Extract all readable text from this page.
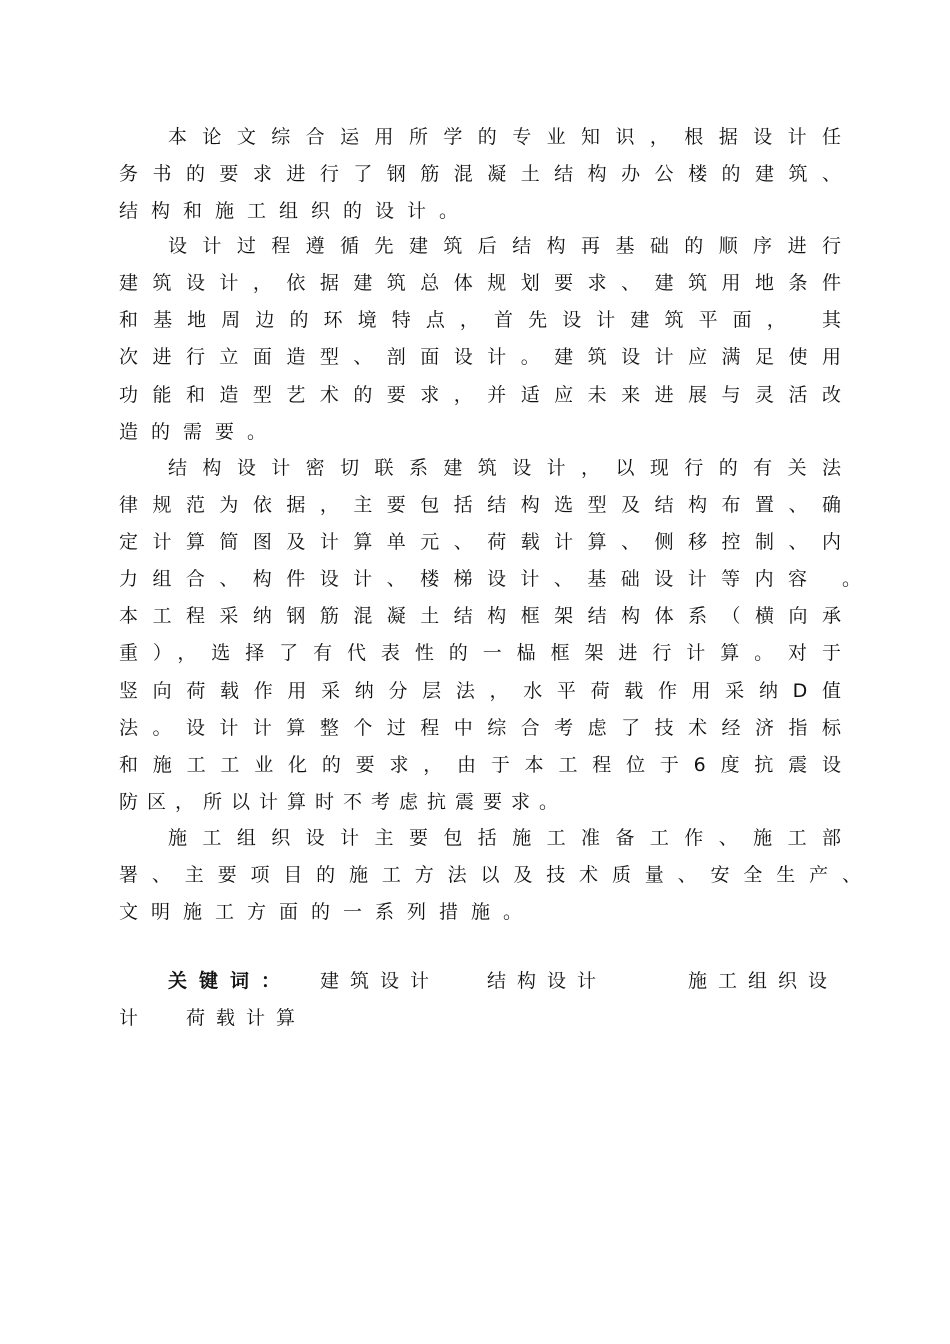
本论文综合运用所学的专业知识，根据设计任
务书的要求进行了钢筋混凝土结构办公楼的建筑、
结构和施工组织的设计。
设计过程遵循先建筑后结构再基础的顺序进行
建筑设计，依据建筑总体规划要求、建筑用地条件
和基地周边的环境特点，首先设计建筑平面， 其
次进行立面造型、剖面设计。建筑设计应满足使用
功能和造型艺术的要求，并适应未来进展与灵活改
造的需要。
结构设计密切联系建筑设计，以现行的有关法
律规范为依据，主要包括结构选型及结构布置、确
定计算简图及计算单元、荷载计算、侧移控制、内
力组合、构件设计、楼梯设计、基础设计等内容 。
本工程采纳钢筋混凝土结构框架结构体系（横向承
重），选择了有代表性的一榀框架进行计算。对于
竖向荷载作用采纳分层法，水平荷载作用采纳D值
法。设计计算整个过程中综合考虑了技术经济指标
和施工工业化的要求，由于本工程位于6度抗震设
防区，所以计算时不考虑抗震要求。
施工组织设计主要包括施工准备工作、施工部
署、主要项目的施工方法以及技术质量、安全生产、
文明施工方面的一系列措施。
关键词： 建筑设计 结构设计	施工组织设
计 荷载计算
